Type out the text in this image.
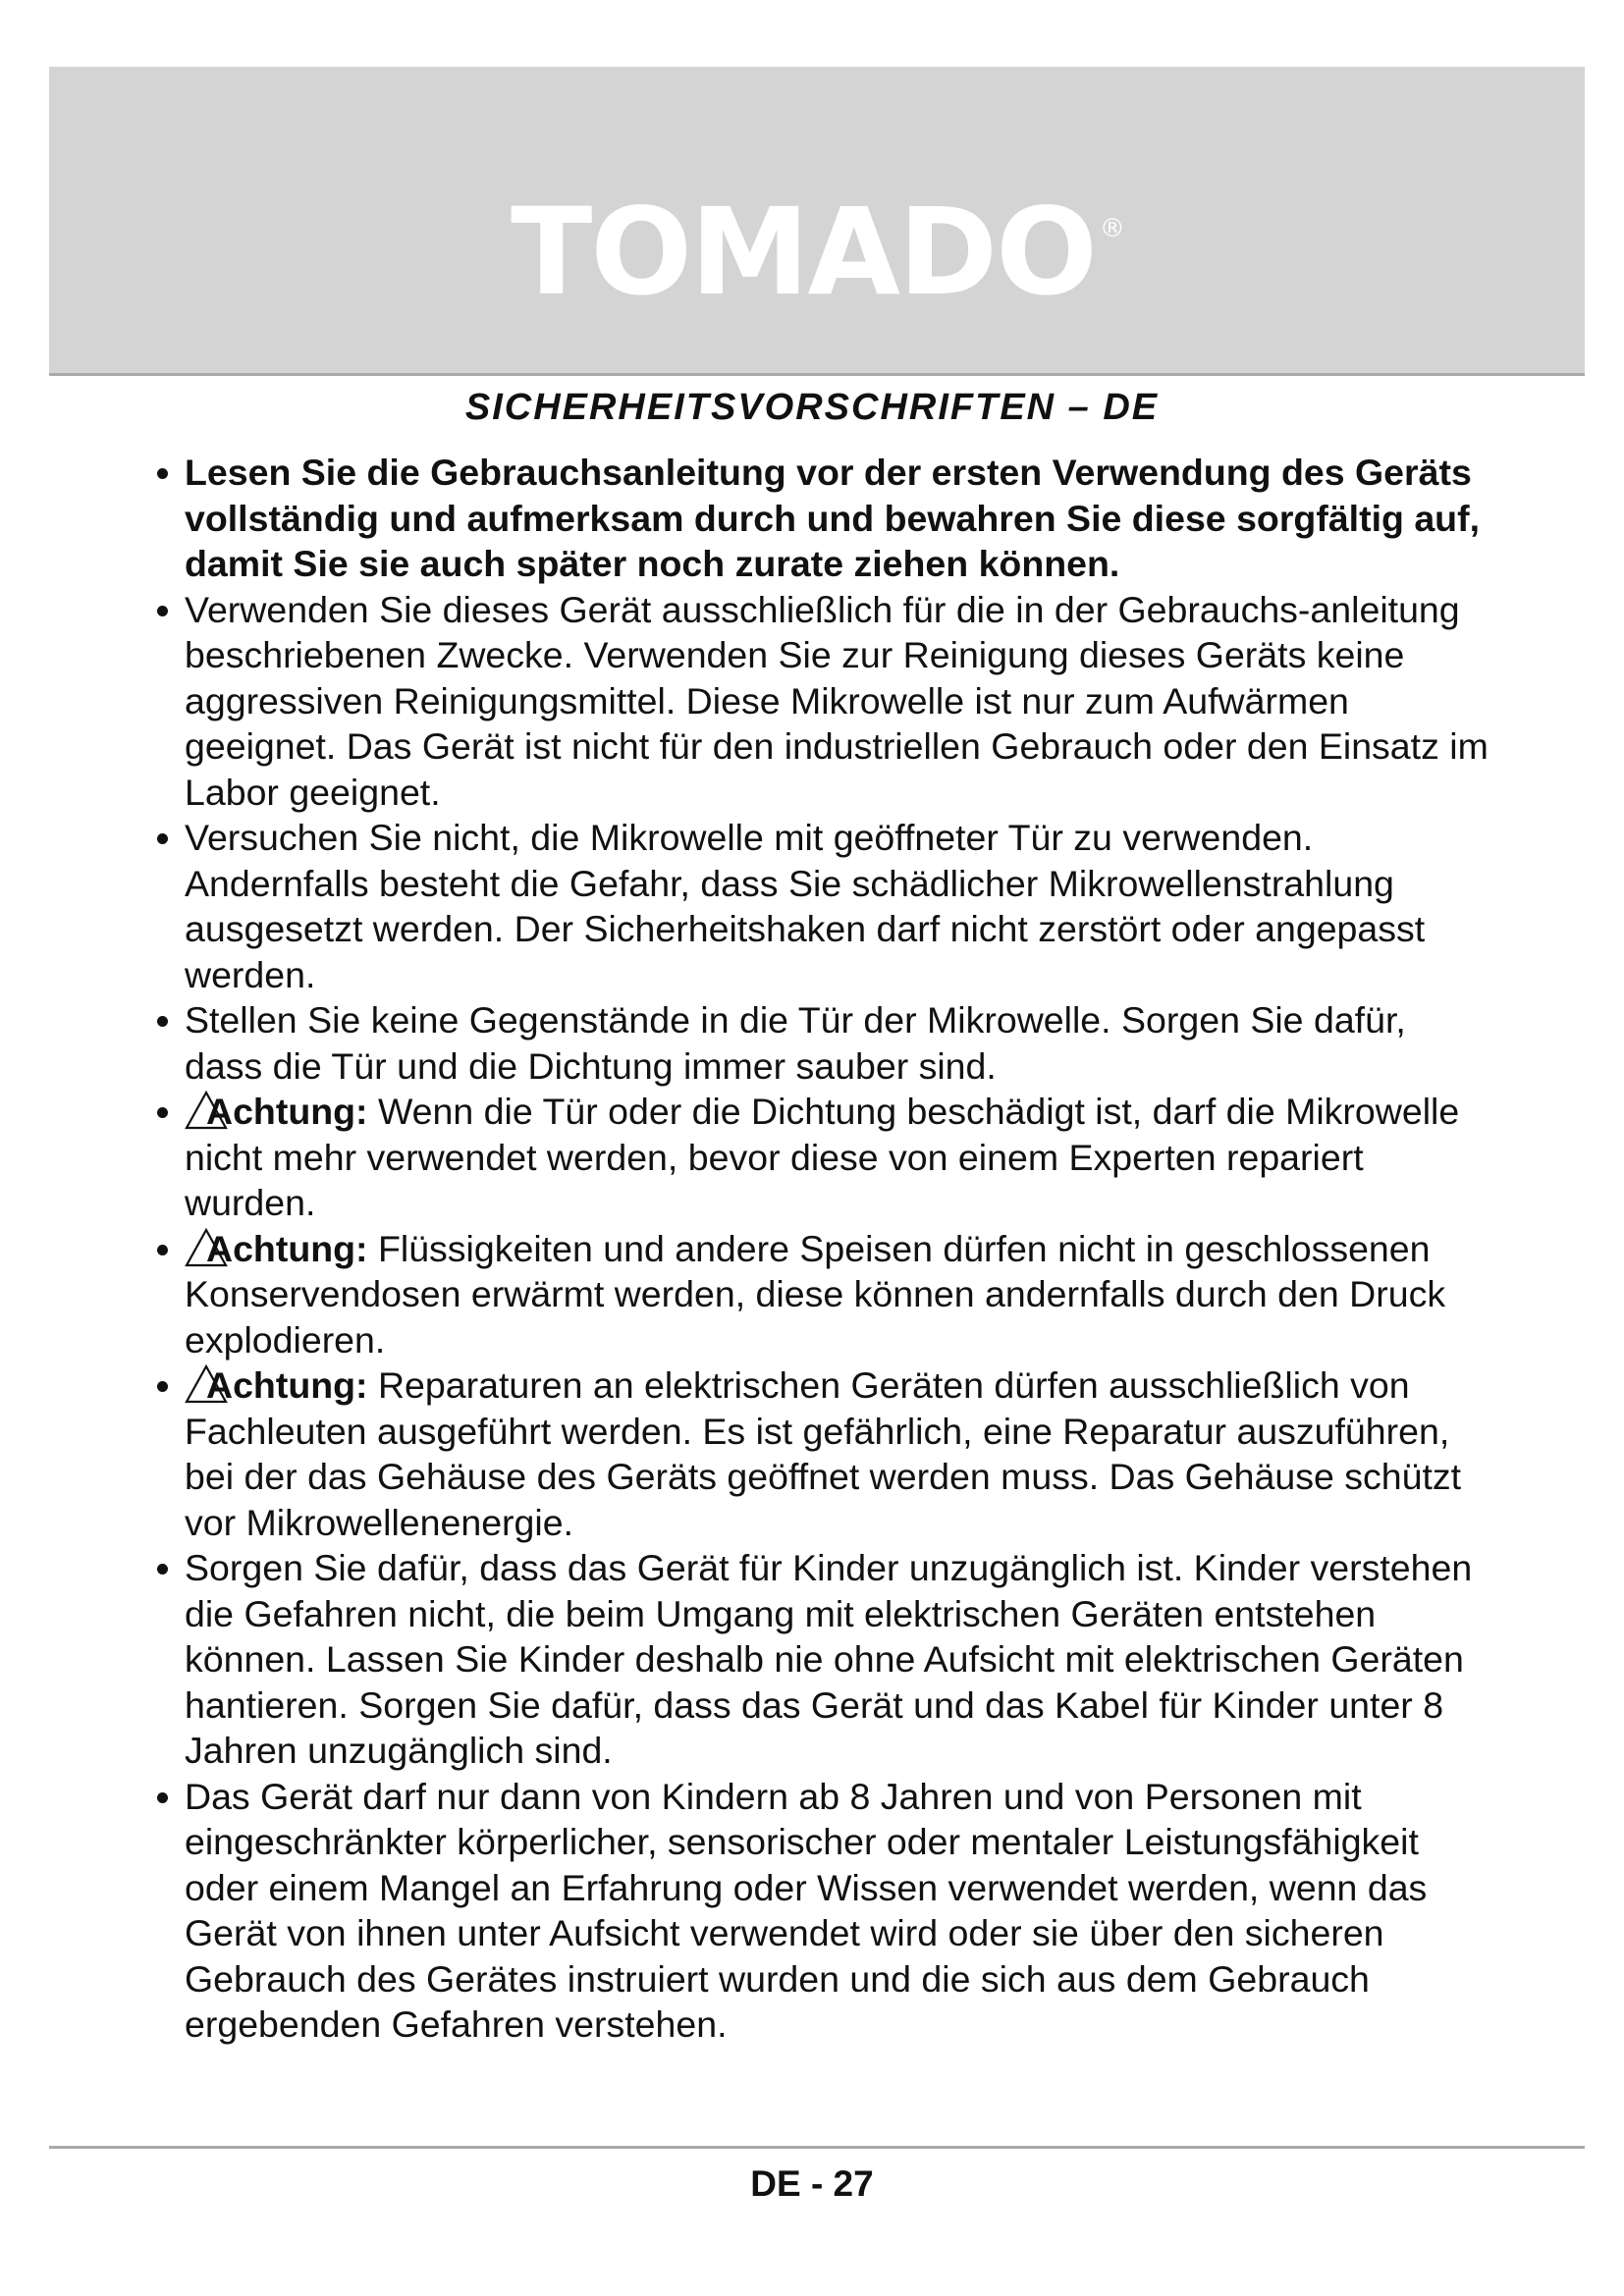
TOMADO ®
SICHERHEITSVORSCHRIFTEN – DE
Lesen Sie die Gebrauchsanleitung vor der ersten Verwendung des Geräts vollständig und aufmerksam durch und bewahren Sie diese sorgfältig auf, damit Sie sie auch später noch zurate ziehen können.
Verwenden Sie dieses Gerät ausschließlich für die in der Gebrauchs-anleitung beschriebenen Zwecke. Verwenden Sie zur Reinigung dieses Geräts keine aggressiven Reinigungsmittel. Diese Mikrowelle ist nur zum Aufwärmen geeignet. Das Gerät ist nicht für den industriellen Gebrauch oder den Einsatz im Labor geeignet.
Versuchen Sie nicht, die Mikrowelle mit geöffneter Tür zu verwenden. Andernfalls besteht die Gefahr, dass Sie schädlicher Mikrowellenstrahlung ausgesetzt werden. Der Sicherheitshaken darf nicht zerstört oder angepasst werden.
Stellen Sie keine Gegenstände in die Tür der Mikrowelle. Sorgen Sie dafür, dass die Tür und die Dichtung immer sauber sind.
Achtung: Wenn die Tür oder die Dichtung beschädigt ist, darf die Mikrowelle nicht mehr verwendet werden, bevor diese von einem Experten repariert wurden.
Achtung: Flüssigkeiten und andere Speisen dürfen nicht in geschlossenen Konservendosen erwärmt werden, diese können andernfalls durch den Druck explodieren.
Achtung: Reparaturen an elektrischen Geräten dürfen ausschließlich von Fachleuten ausgeführt werden. Es ist gefährlich, eine Reparatur auszuführen, bei der das Gehäuse des Geräts geöffnet werden muss. Das Gehäuse schützt vor Mikrowellenenergie.
Sorgen Sie dafür, dass das Gerät für Kinder unzugänglich ist. Kinder verstehen die Gefahren nicht, die beim Umgang mit elektrischen Geräten entstehen können. Lassen Sie Kinder deshalb nie ohne Aufsicht mit elektrischen Geräten hantieren. Sorgen Sie dafür, dass das Gerät und das Kabel für Kinder unter 8 Jahren unzugänglich sind.
Das Gerät darf nur dann von Kindern ab 8 Jahren und von Personen mit eingeschränkter körperlicher, sensorischer oder mentaler Leistungsfähigkeit oder einem Mangel an Erfahrung oder Wissen verwendet werden, wenn das Gerät von ihnen unter Aufsicht verwendet wird oder sie über den sicheren Gebrauch des Gerätes instruiert wurden und die sich aus dem Gebrauch ergebenden Gefahren verstehen.
DE - 27
